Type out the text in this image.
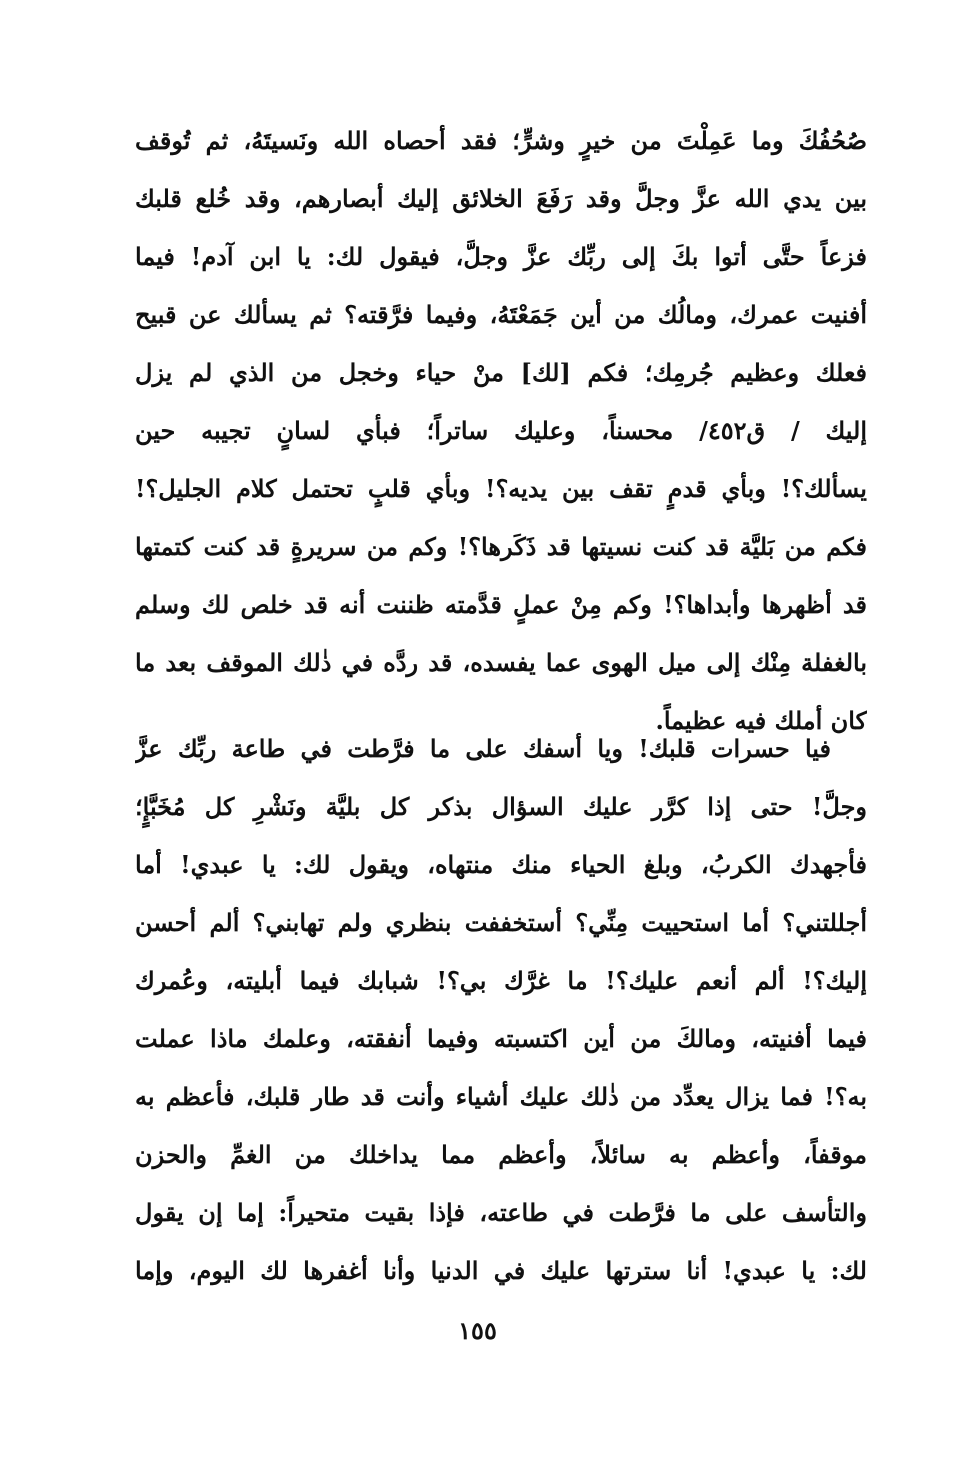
صُحُفُكَ وما عَمِلْتَ من خيرٍ وشرٍّ؛ فقد أحصاه الله ونَسيتَهُ، ثم تُوقف
بين يدي الله عزَّ وجلَّ وقد رَفَعَ الخلائق إليك أبصارهم، وقد خُلع قلبك
فزعاً حتَّى أتوا بكَ إلى ربِّك عزَّ وجلَّ، فيقول لك: يا ابن آدم! فيما
أفنيت عمرك، ومالُك من أين جَمَعْتَهُ، وفيما فرَّقته؟ ثم يسألك عن قبيح
فعلك وعظيم جُرمِك؛ فكم [لك] منْ حياء وخجل من الذي لم يزل
إليك / ق٤٥٢/ محسناً، وعليك ساتراً؛ فبأي لسانٍ تجيبه حين
يسألك؟! وبأي قدمٍ تقف بين يديه؟! وبأي قلبٍ تحتمل كلام الجليل؟!
فكم من بَليَّة قد كنت نسيتها قد ذَكَرها؟! وكم من سريرةٍ قد كنت كتمتها
قد أظهرها وأبداها؟! وكم مِنْ عملٍ قدَّمته ظننت أنه قد خلص لك وسلم
بالغفلة مِنْك إلى ميل الهوى عما يفسده، قد ردَّه في ذٰلك الموقف بعد ما
كان أملك فيه عظيماً.
فيا حسرات قلبك! ويا أسفك على ما فرَّطت في طاعة ربِّك عزَّ
وجلَّ! حتى إذا كرَّر عليك السؤال بذكر كل بليَّة ونَشْرِ كل مُخَبَّإٍ؛
فأجهدك الكربُ، وبلغ الحياء منك منتهاه، ويقول لك: يا عبدي! أما
أجللتني؟ أما استحييت مِنِّي؟ أستخففت بنظري ولم تهابني؟ ألم أحسن
إليك؟! ألم أنعم عليك؟! ما غرَّك بي؟! شبابك فيما أبليته، وعُمرك
فيما أفنيته، ومالكَ من أين اكتسبته وفيما أنفقته، وعلمك ماذا عملت
به؟! فما يزال يعدِّد من ذٰلك عليك أشياء وأنت قد طار قلبك، فأعظم به
موقفاً، وأعظم به سائلاً، وأعظم مما يداخلك من الغمِّ والحزن
والتأسف على ما فرَّطت في طاعته، فإذا بقيت متحيراً: إما إن يقول
لك: يا عبدي! أنا سترتها عليك في الدنيا وأنا أغفرها لك اليوم، وإما
١٥٥
